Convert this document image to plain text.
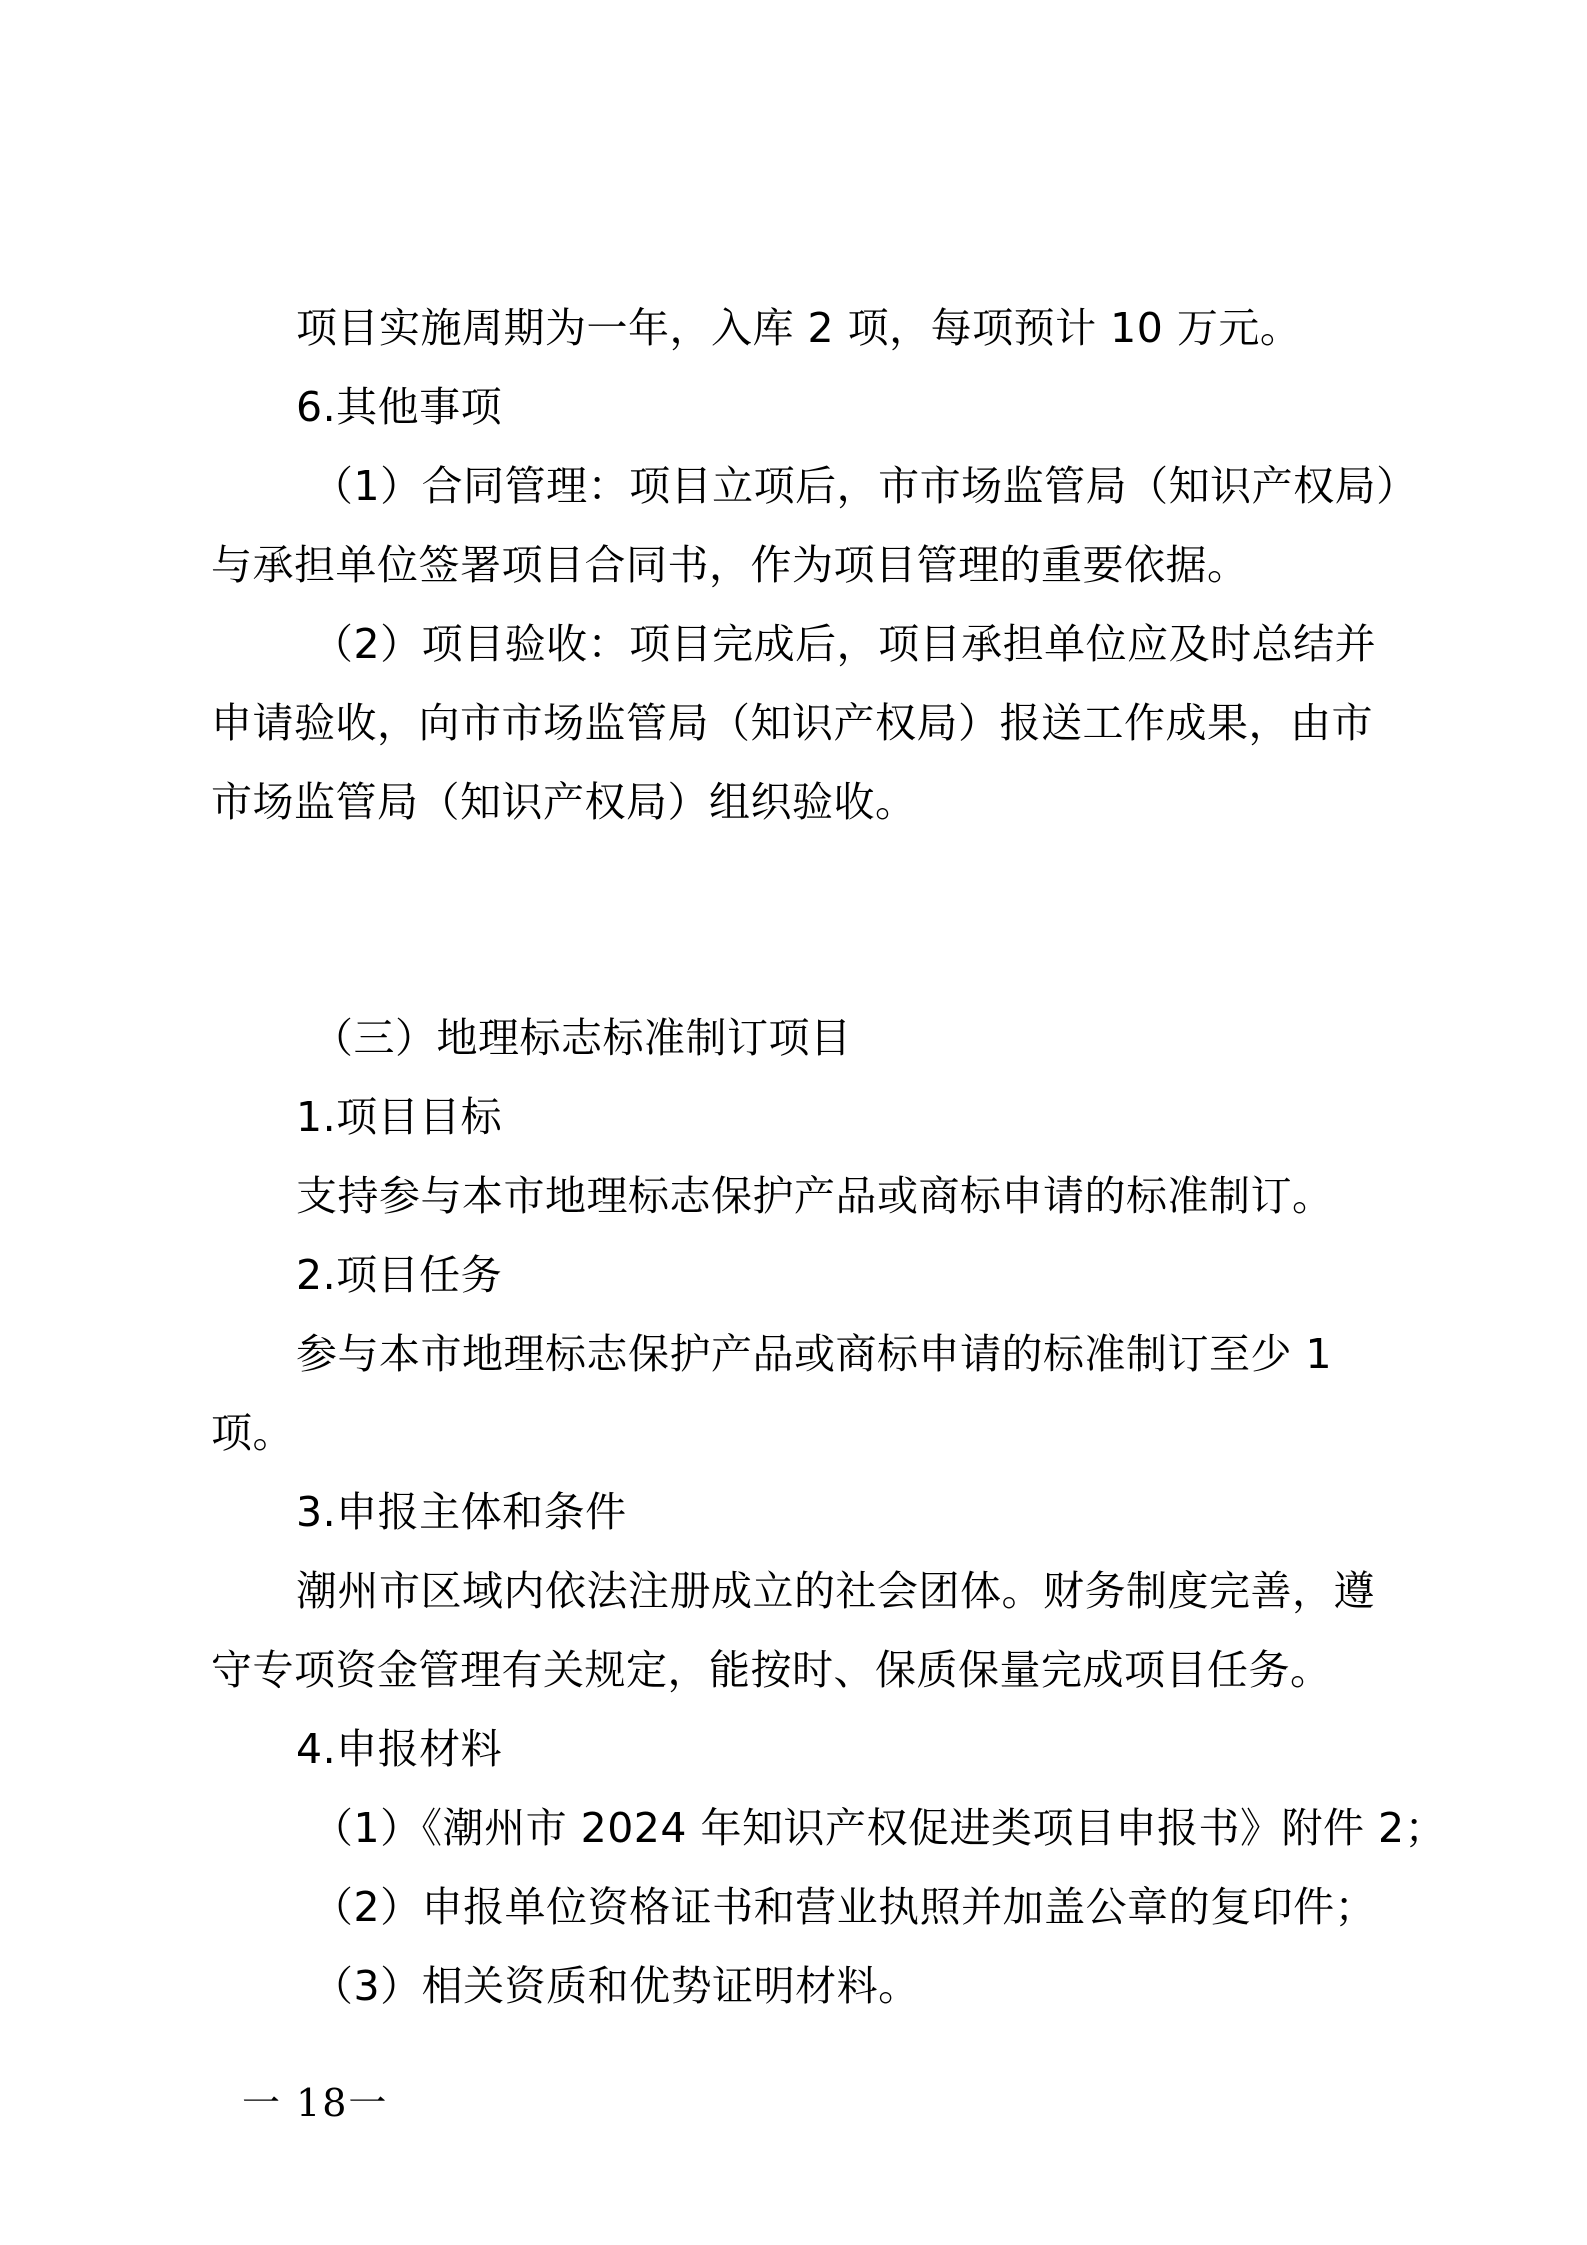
项目实施周期为一年，入库 2 项，每项预计 10 万元。
6.其他事项
（1）合同管理：项目立项后，市市场监管局（知识产权局）
与承担单位签署项目合同书，作为项目管理的重要依据。
（2）项目验收：项目完成后，项目承担单位应及时总结并
申请验收，向市市场监管局（知识产权局）报送工作成果，由市
市场监管局（知识产权局）组织验收。
（三）地理标志标准制订项目
1.项目目标
支持参与本市地理标志保护产品或商标申请的标准制订。
2.项目任务
参与本市地理标志保护产品或商标申请的标准制订至少 1
项。
3.申报主体和条件
潮州市区域内依法注册成立的社会团体。财务制度完善，遵
守专项资金管理有关规定，能按时、保质保量完成项目任务。
4.申报材料
（1）《潮州市 2024 年知识产权促进类项目申报书》附件 2；
（2）申报单位资格证书和营业执照并加盖公章的复印件；
（3）相关资质和优势证明材料。
一 18一
